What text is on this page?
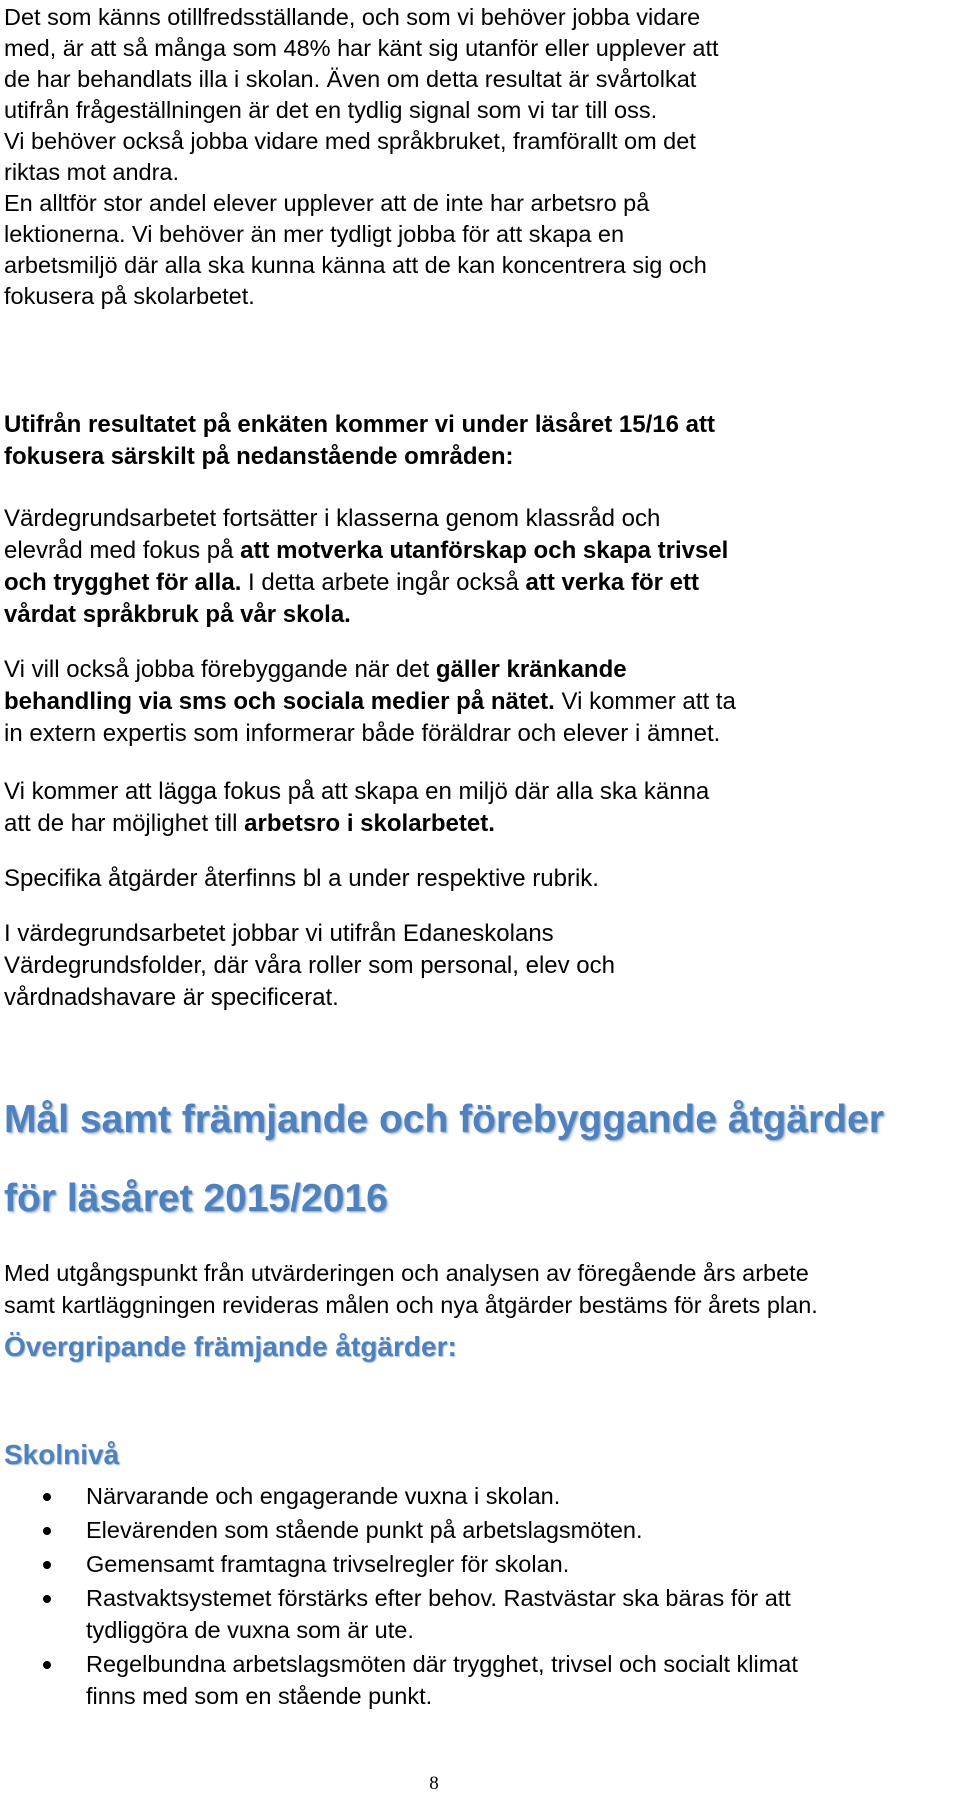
Det som känns otillfredsställande, och som vi behöver jobba vidare
med, är att så många som 48% har känt sig utanför eller upplever att
de har behandlats illa i skolan. Även om detta resultat är svårtolkat
utifrån frågeställningen är det en tydlig signal som vi tar till oss.
Vi behöver också jobba vidare med språkbruket, framförallt om det
riktas mot andra.
En alltför stor andel elever upplever att de inte har arbetsro på
lektionerna. Vi behöver än mer tydligt jobba för att skapa en
arbetsmiljö där alla ska kunna känna att de kan koncentrera sig och
fokusera på skolarbetet.

Utifrån resultatet på enkäten kommer vi under läsåret 15/16 att
fokusera särskilt på nedanstående områden:

Värdegrundsarbetet fortsätter i klasserna genom klassråd och
elevråd med fokus på att motverka utanförskap och skapa trivsel
och trygghet för alla. I detta arbete ingår också att verka för ett
vårdat språkbruk på vår skola.

Vi vill också jobba förebyggande när det gäller kränkande
behandling via sms och sociala medier på nätet. Vi kommer att ta
in extern expertis som informerar både föräldrar och elever i ämnet.

Vi kommer att lägga fokus på att skapa en miljö där alla ska känna
att de har möjlighet till arbetsro i skolarbetet.

Specifika åtgärder återfinns bl a under respektive rubrik.

I värdegrundsarbetet jobbar vi utifrån Edaneskolans
Värdegrundsfolder, där våra roller som personal, elev och
vårdnadshavare är specificerat.

Mål samt främjande och förebyggande åtgärder
för läsåret 2015/2016

Med utgångspunkt från utvärderingen och analysen av föregående års arbete
samt kartläggningen revideras målen och nya åtgärder bestäms för årets plan.

Övergripande främjande åtgärder:
Skolnivå
Närvarande och engagerande vuxna i skolan.
Elevärenden som stående punkt på arbetslagsmöten.
Gemensamt framtagna trivselregler för skolan.
Rastvaktsystemet förstärks efter behov. Rastvästar ska bäras för att
tydliggöra de vuxna som är ute.
Regelbundna arbetslagsmöten där trygghet, trivsel och socialt klimat
finns med som en stående punkt.
8
